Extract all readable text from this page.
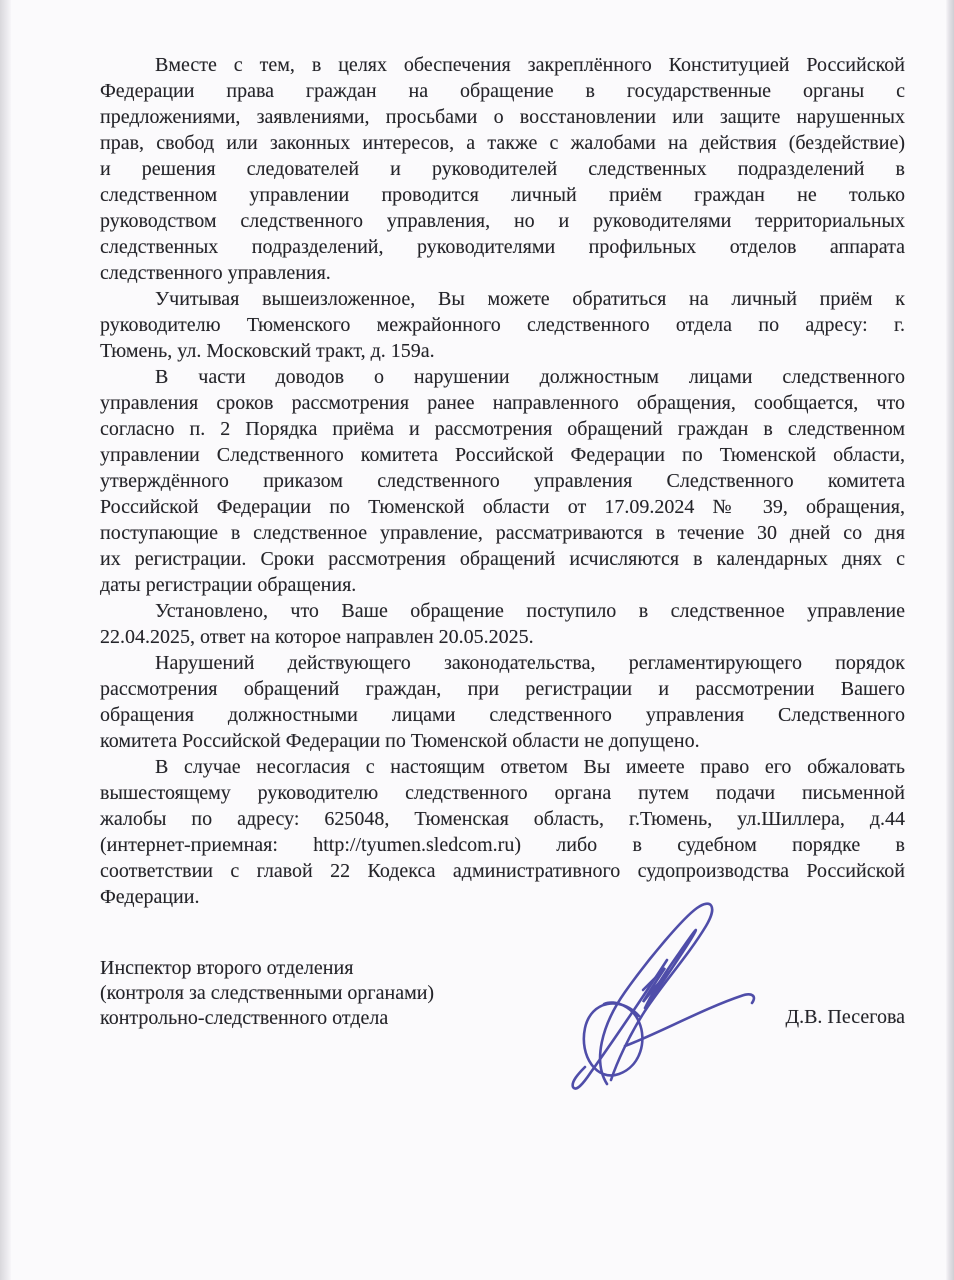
Вместе с тем, в целях обеспечения закреплённого Конституцией Российской
Федерации права граждан на обращение в государственные органы с
предложениями, заявлениями, просьбами о восстановлении или защите нарушенных
прав, свобод или законных интересов, а также с жалобами на действия (бездействие)
и решения следователей и руководителей следственных подразделений в
следственном управлении проводится личный приём граждан не только
руководством следственного управления, но и руководителями территориальных
следственных подразделений, руководителями профильных отделов аппарата
следственного управления.
Учитывая вышеизложенное, Вы можете обратиться на личный приём к
руководителю Тюменского межрайонного следственного отдела по адресу: г.
Тюмень, ул. Московский тракт, д. 159а.
В части доводов о нарушении должностным лицами следственного
управления сроков рассмотрения ранее направленного обращения, сообщается, что
согласно п. 2 Порядка приёма и рассмотрения обращений граждан в следственном
управлении Следственного комитета Российской Федерации по Тюменской области,
утверждённого приказом следственного управления Следственного комитета
Российской Федерации по Тюменской области от 17.09.2024 № 39, обращения,
поступающие в следственное управление, рассматриваются в течение 30 дней со дня
их регистрации. Сроки рассмотрения обращений исчисляются в календарных днях с
даты регистрации обращения.
Установлено, что Ваше обращение поступило в следственное управление
22.04.2025, ответ на которое направлен 20.05.2025.
Нарушений действующего законодательства, регламентирующего порядок
рассмотрения обращений граждан, при регистрации и рассмотрении Вашего
обращения должностными лицами следственного управления Следственного
комитета Российской Федерации по Тюменской области не допущено.
В случае несогласия с настоящим ответом Вы имеете право его обжаловать
вышестоящему руководителю следственного органа путем подачи письменной
жалобы по адресу: 625048, Тюменская область, г.Тюмень, ул.Шиллера, д.44
(интернет-приемная: http://tyumen.sledcom.ru) либо в судебном порядке в
соответствии с главой 22 Кодекса административного судопроизводства Российской
Федерации.
Инспектор второго отделения
(контроля за следственными органами)
контрольно-следственного отдела	Д.В. Песегова
